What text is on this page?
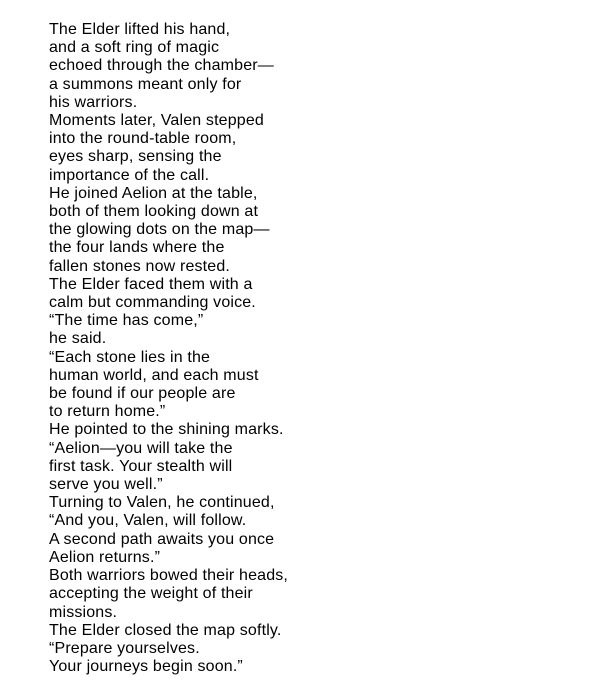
The Elder lifted his hand,
and a soft ring of magic
echoed through the chamber—
a summons meant only for
his warriors.
Moments later, Valen stepped
into the round-table room,
eyes sharp, sensing the
importance of the call.
He joined Aelion at the table,
both of them looking down at
the glowing dots on the map—
the four lands where the
fallen stones now rested.
The Elder faced them with a
calm but commanding voice.
“The time has come,”
he said.
“Each stone lies in the
human world, and each must
be found if our people are
to return home.”
He pointed to the shining marks.
“Aelion—you will take the
first task. Your stealth will
serve you well.”
Turning to Valen, he continued,
“And you, Valen, will follow.
A second path awaits you once
Aelion returns.”
Both warriors bowed their heads,
accepting the weight of their
missions.
The Elder closed the map softly.
“Prepare yourselves.
Your journeys begin soon.”
